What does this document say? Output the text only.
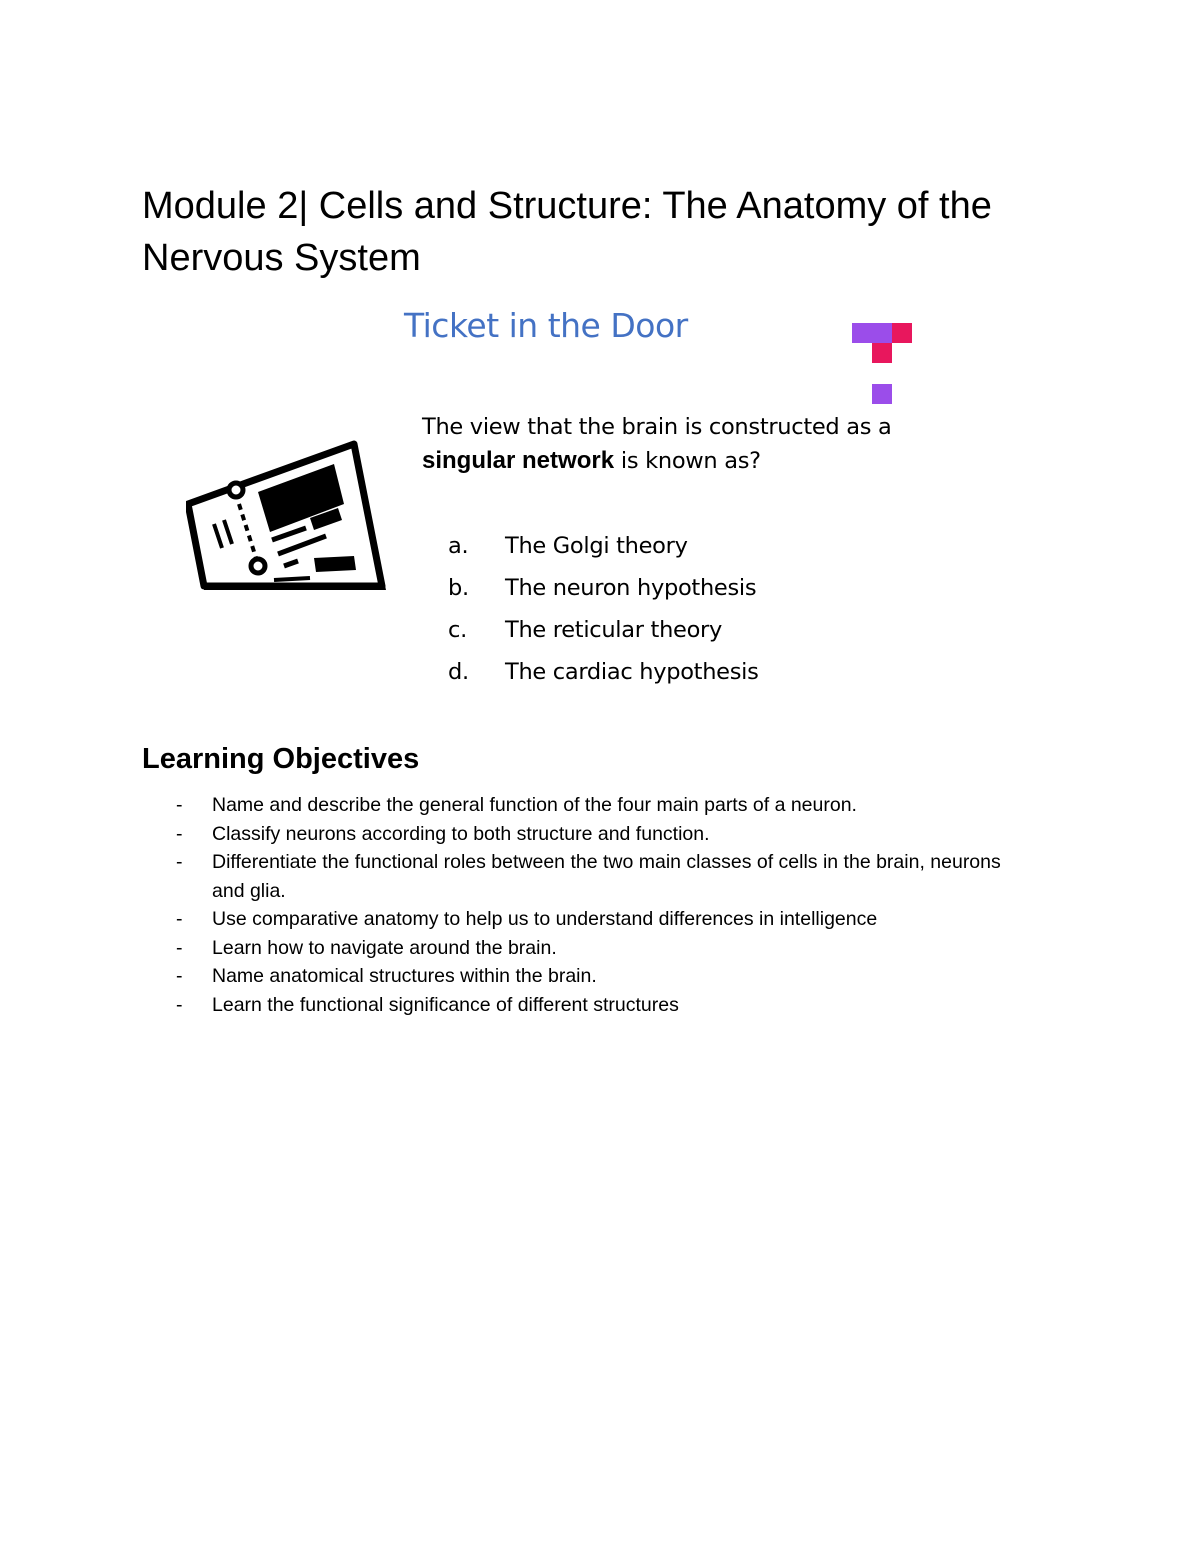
Module 2| Cells and Structure: The Anatomy of the Nervous System
Ticket in the Door

The view that the brain is constructed as a
singular network is known as?

a. The Golgi theory
b. The neuron hypothesis
c. The reticular theory
d. The cardiac hypothesis
Learning Objectives
- Name and describe the general function of the four main parts of a neuron.
- Classify neurons according to both structure and function.
- Differentiate the functional roles between the two main classes of cells in the brain, neurons and glia.
- Use comparative anatomy to help us to understand differences in intelligence
- Learn how to navigate around the brain.
- Name anatomical structures within the brain.
- Learn the functional significance of different structures
